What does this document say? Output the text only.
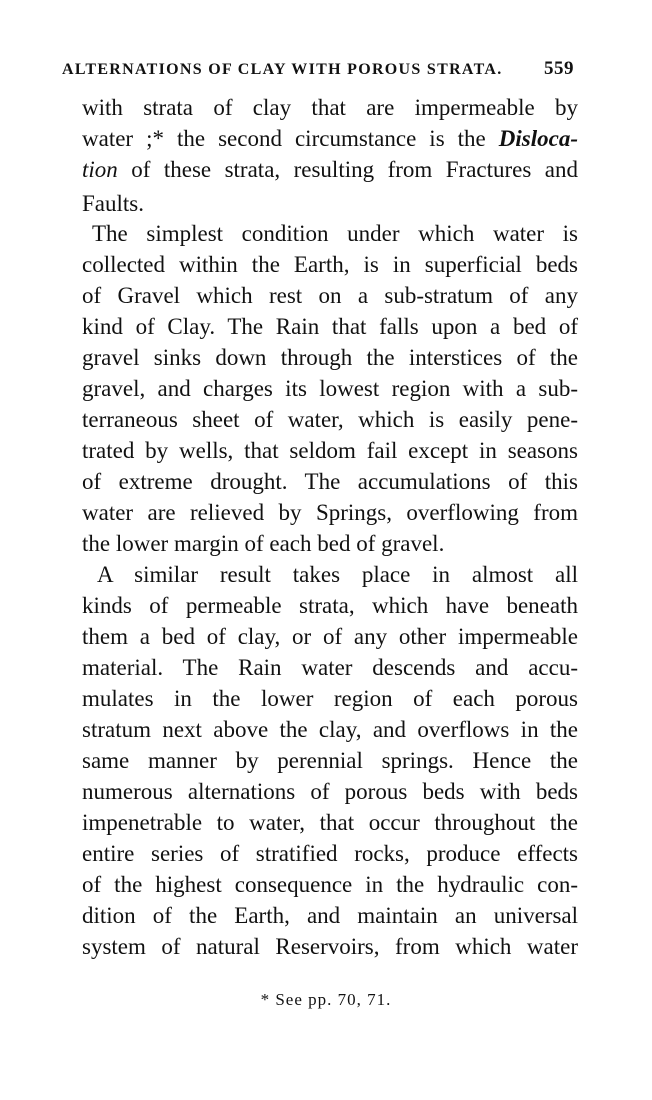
ALTERNATIONS OF CLAY WITH POROUS STRATA. 559
with strata of clay that are impermeable by
water ;* the second circumstance is the Disloca-
tion of these strata, resulting from Fractures and
Faults.
The simplest condition under which water is
collected within the Earth, is in superficial beds
of Gravel which rest on a sub-stratum of any
kind of Clay. The Rain that falls upon a bed of
gravel sinks down through the interstices of the
gravel, and charges its lowest region with a sub-
terraneous sheet of water, which is easily pene-
trated by wells, that seldom fail except in seasons
of extreme drought. The accumulations of this
water are relieved by Springs, overflowing from
the lower margin of each bed of gravel.
A similar result takes place in almost all
kinds of permeable strata, which have beneath
them a bed of clay, or of any other impermeable
material. The Rain water descends and accu-
mulates in the lower region of each porous
stratum next above the clay, and overflows in the
same manner by perennial springs. Hence the
numerous alternations of porous beds with beds
impenetrable to water, that occur throughout the
entire series of stratified rocks, produce effects
of the highest consequence in the hydraulic con-
dition of the Earth, and maintain an universal
system of natural Reservoirs, from which water
* See pp. 70, 71.
